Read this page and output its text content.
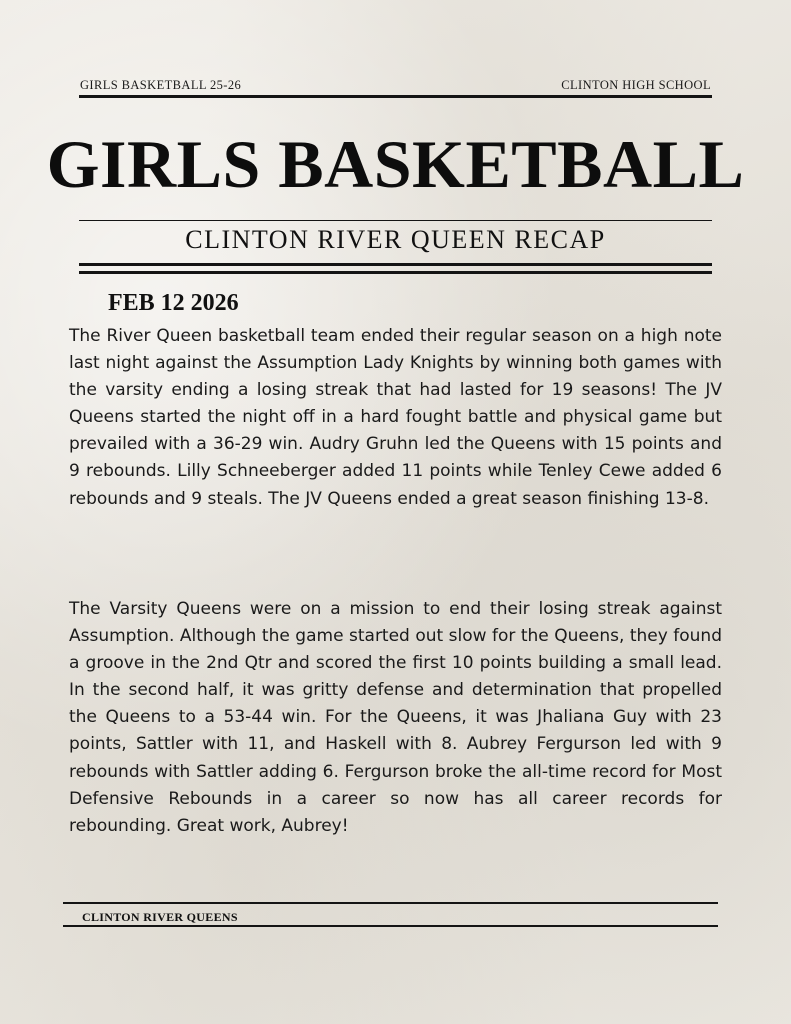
GIRLS BASKETBALL 25-26	CLINTON HIGH SCHOOL
GIRLS BASKETBALL
CLINTON RIVER QUEEN RECAP
FEB 12 2026

The River Queen basketball team ended their regular season on a high note last night against the Assumption Lady Knights by winning both games with the varsity ending a losing streak that had lasted for 19 seasons! The JV Queens started the night off in a hard fought battle and physical game but prevailed with a 36-29 win. Audry Gruhn led the Queens with 15 points and 9 rebounds. Lilly Schneeberger added 11 points while Tenley Cewe added 6 rebounds and 9 steals. The JV Queens ended a great season finishing 13-8.

The Varsity Queens were on a mission to end their losing streak against Assumption. Although the game started out slow for the Queens, they found a groove in the 2nd Qtr and scored the first 10 points building a small lead. In the second half, it was gritty defense and determination that propelled the Queens to a 53-44 win. For the Queens, it was Jhaliana Guy with 23 points, Sattler with 11, and Haskell with 8. Aubrey Fergurson led with 9 rebounds with Sattler adding 6. Fergurson broke the all-time record for Most Defensive Rebounds in a career so now has all career records for rebounding. Great work, Aubrey!

CLINTON RIVER QUEENS
